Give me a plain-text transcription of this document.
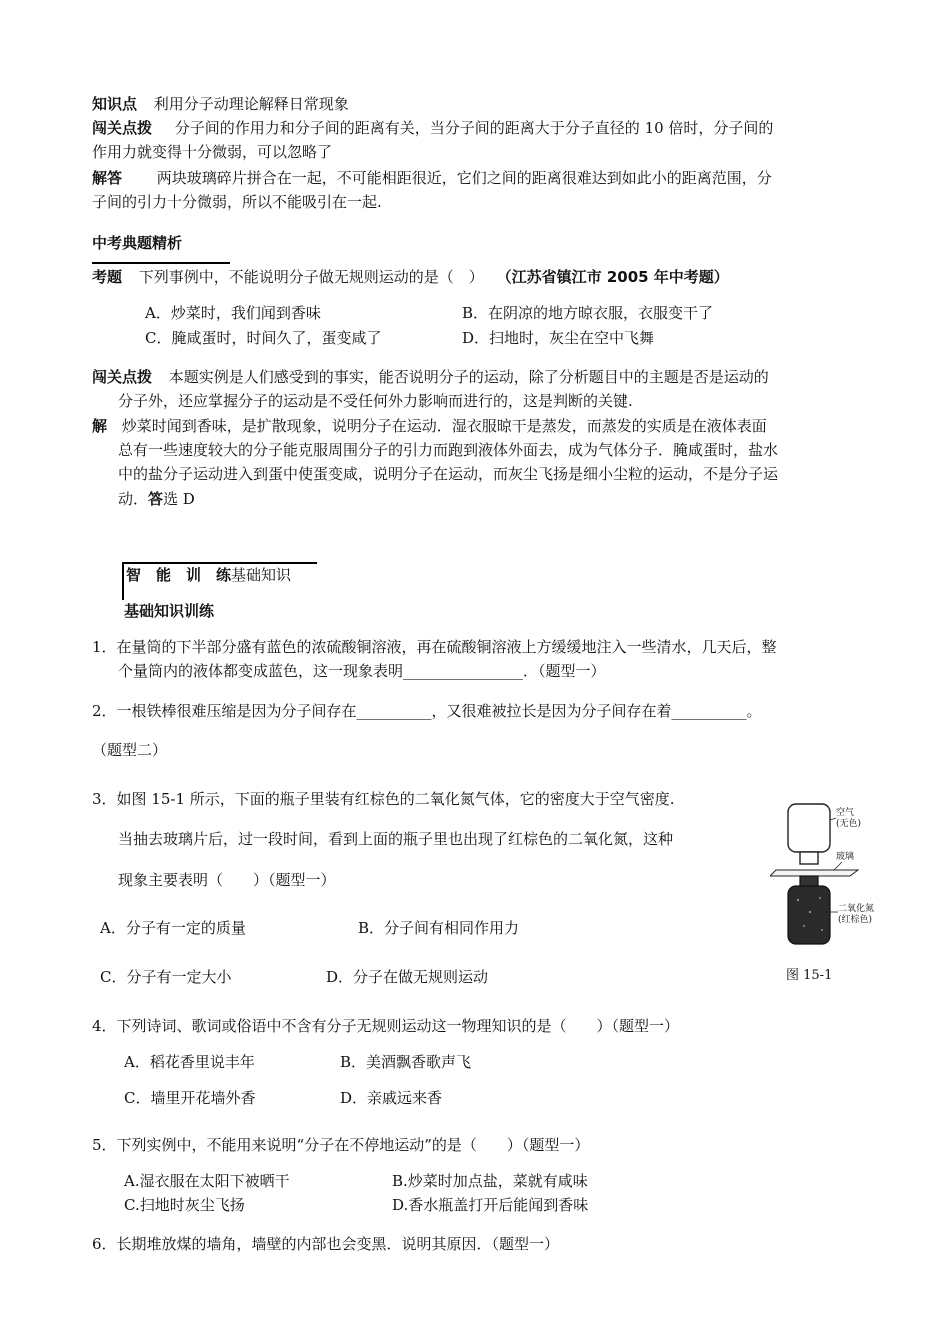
知识点 利用分子动理论解释日常现象
闯关点拨 分子间的作用力和分子间的距离有关，当分子间的距离大于分子直径的 10 倍时，分子间的
作用力就变得十分微弱，可以忽略了
解答 两块玻璃碎片拼合在一起，不可能相距很近，它们之间的距离很难达到如此小的距离范围，分
子间的引力十分微弱，所以不能吸引在一起.
中考典题精析
考题 下列事例中，不能说明分子做无规则运动的是（　） （江苏省镇江市 2005 年中考题）
A．炒菜时，我们闻到香味	B．在阴凉的地方晾衣服，衣服变干了
C．腌咸蛋时，时间久了，蛋变咸了	D．扫地时，灰尘在空中飞舞
闯关点拨 本题实例是人们感受到的事实，能否说明分子的运动，除了分析题目中的主题是否是运动的
分子外，还应掌握分子的运动是不受任何外力影响而进行的，这是判断的关键.
解 炒菜时闻到香味，是扩散现象，说明分子在运动．湿衣服晾干是蒸发，而蒸发的实质是在液体表面
总有一些速度较大的分子能克服周围分子的引力而跑到液体外面去，成为气体分子．腌咸蛋时，盐水
中的盐分子运动进入到蛋中使蛋变咸，说明分子在运动，而灰尘飞扬是细小尘粒的运动，不是分子运
动．答选 D
智　能　训　练基础知识
基础知识训练
1．在量筒的下半部分盛有蓝色的浓硫酸铜溶液，再在硫酸铜溶液上方缓缓地注入一些清水，几天后，整
个量筒内的液体都变成蓝色，这一现象表明________________．（题型一）
2．一根铁棒很难压缩是因为分子间存在__________，又很难被拉长是因为分子间存在着__________。
（题型二）
3．如图 15-1 所示，下面的瓶子里装有红棕色的二氧化氮气体，它的密度大于空气密度.
当抽去玻璃片后，过一段时间，看到上面的瓶子里也出现了红棕色的二氧化氮，这种
现象主要表明（　　）（题型一）
A．分子有一定的质量	B．分子间有相同作用力
C．分子有一定大小	D．分子在做无规则运动
空气
(无色)
玻璃
二氧化氮
(红棕色)
图 15-1
4．下列诗词、歌词或俗语中不含有分子无规则运动这一物理知识的是（　　）（题型一）
A．稻花香里说丰年	B．美酒飘香歌声飞
C．墙里开花墙外香	D．亲戚远来香
5．下列实例中，不能用来说明“分子在不停地运动”的是（　　）（题型一）
A.湿衣服在太阳下被晒干	B.炒菜时加点盐，菜就有咸味
C.扫地时灰尘飞扬	D.香水瓶盖打开后能闻到香味
6．长期堆放煤的墙角，墙壁的内部也会变黑．说明其原因．（题型一）
